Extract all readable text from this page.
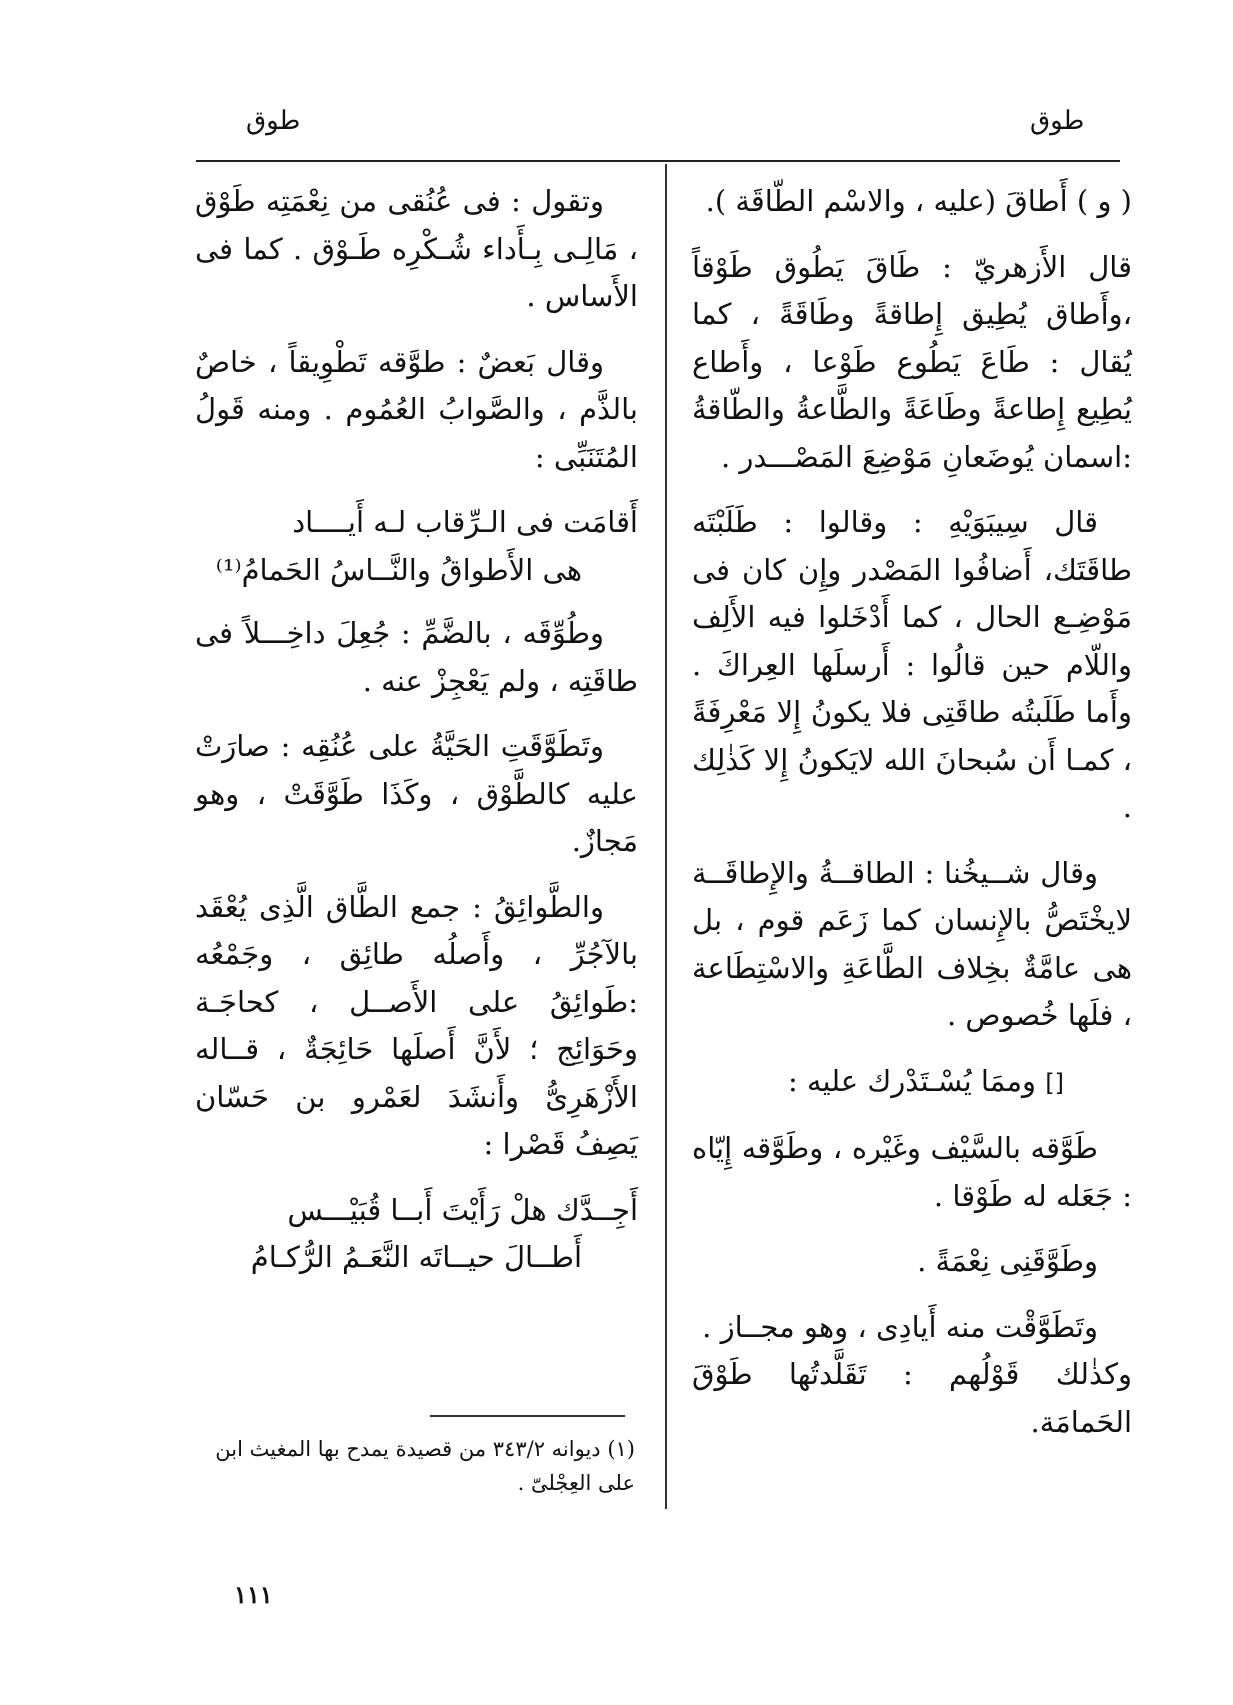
طوق
طوق

( و ) أَطاقَ (عليه ، والاسْم الطّاقَة ).

قال الأَزهريّ : طَاقَ يَطُوق طَوْقاً ،وأَطاق يُطِيق إِطاقةً وطَاقَةً ، كما يُقال : طَاعَ يَطُوع طَوْعا ، وأَطاع يُطِيع إِطاعةً وطَاعَةً والطَّاعةُ والطّاقةُ :اسمان يُوضَعانِ مَوْضِعَ المَصْـــدر .

قال سِيبَوَيْهِ : وقالوا : طَلَبْتَه طاقَتَك، أَضافُوا المَصْدر وإِن كان فى مَوْضِـع الحال ، كما أَدْخَلوا فيه الأَلِف واللّام حين قالُوا : أَرسلَها العِراكَ . وأَما طَلَبتُه طاقَتِى فلا يكونُ إِلا مَعْرِفَةً ، كمـا أَن سُبحانَ الله لايَكونُ إِلا كَذٰلِك .

وقال شــيخُنا : الطاقــةُ والإِطاقَــة لايخْتَصُّ بالإِنسان كما زَعَم قوم ، بل هى عامَّةٌ بخِلاف الطَّاعَةِ والاسْتِطَاعة ، فلَها خُصوص .

[] وممَا يُسْـتَدْرك عليه :

طَوَّقه بالسَّيْف وغَيْره ، وطَوَّقه إِيّاه : جَعَله له طَوْقا .

وطَوَّقَنِى نِعْمَةً .

وتَطَوَّقْت منه أَيادِى ، وهو مجــاز .

وكذٰلك قَوْلُهم : تَقَلَّدتُها طَوْقَ الحَمامَة.

وتقول : فى عُنُقى من نِعْمَتِه طَوْق ، مَالِـى بِـأَداء شُـكْرِه طَـوْق . كما فى الأَساس .

وقال بَعضٌ : طوَّقه تَطْوِيقاً ، خاصٌ بالذَّم ، والصَّوابُ العُمُوم . ومنه قَولُ المُتَنَبِّى :

أَقامَت فى الـرِّقاب لـه أَيــــاد
هى الأَطواقُ والنَّــاسُ الحَمامُ⁽¹⁾

وطُوِّقَه ، بالضَّمِّ : جُعِلَ داخِـــلاً فى طاقَتِه ، ولم يَعْجِزْ عنه .

وتَطَوَّقَتِ الحَيَّةُ على عُنُقِه : صارَتْ عليه كالطَّوْق ، وكَذَا طَوَّقَتْ ، وهو مَجازٌ.

والطَّوائِقُ : جمع الطَّاق الَّذِى يُعْقَد بالآجُرِّ ، وأَصلُه طائِق ، وجَمْعُه :طَوائِقُ على الأَصــل ، كحاجَـة وحَوَائِج ؛ لأَنَّ أَصلَها حَائِجَةٌ ، قــاله الأَزْهَرِىُّ وأَنشَدَ لعَمْرو بن حَسّان يَصِفُ قَصْرا :

أَجِــدَّك هلْ رَأَيْتَ أَبــا قُبَيْـــس
أَطــالَ حيــاتَه النَّعَـمُ الرُّكـامُ
(١) ديوانه ٣٤٣/٢ من قصيدة يمدح بها المغيث ابن على العِجْلىّ .
١١١
